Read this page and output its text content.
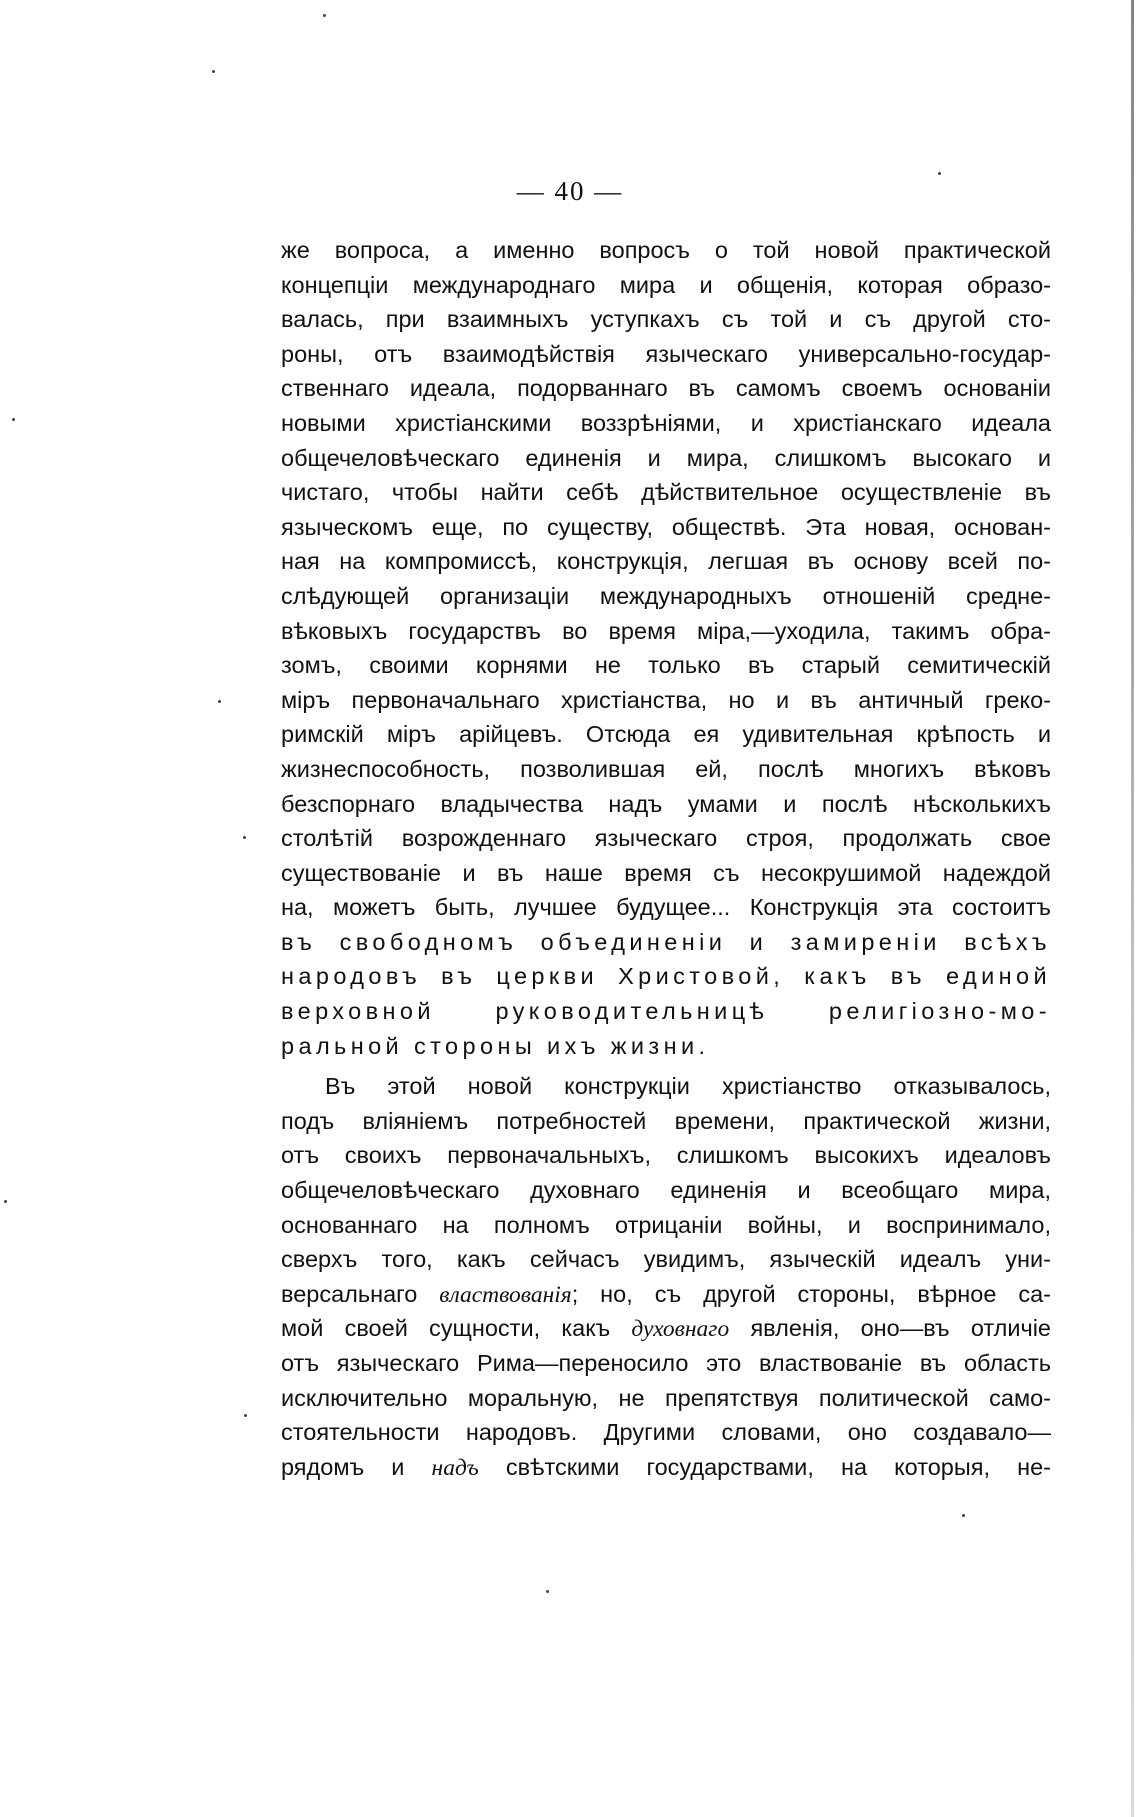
— 40 —
же вопроса, а именно вопросъ о той новой практической
концепціи международнаго мира и общенія, которая образо-
валась, при взаимныхъ уступкахъ съ той и съ другой сто-
роны, отъ взаимодѣйствія языческаго универсально-государ-
ственнаго идеала, подорваннаго въ самомъ своемъ основаніи
новыми христіанскими воззрѣніями, и христіанскаго идеала
общечеловѣческаго единенія и мира, слишкомъ высокаго и
чистаго, чтобы найти себѣ дѣйствительное осуществленіе въ
языческомъ еще, по существу, обществѣ. Эта новая, основан-
ная на компромиссѣ, конструкція, легшая въ основу всей по-
слѣдующей организаціи международныхъ отношеній средне-
вѣковыхъ государствъ во время міра,—уходила, такимъ обра-
зомъ, своими корнями не только въ старый семитическій
міръ первоначальнаго христіанства, но и въ античный греко-
римскій міръ арійцевъ. Отсюда ея удивительная крѣпость и
жизнеспособность, позволившая ей, послѣ многихъ вѣковъ
безспорнаго владычества надъ умами и послѣ нѣсколькихъ
столѣтій возрожденнаго языческаго строя, продолжать свое
существованіе и въ наше время съ несокрушимой надеждой
на, можетъ быть, лучшее будущее... Конструкція эта состоитъ
въ свободномъ объединеніи и замиреніи всѣхъ
народовъ въ церкви Христовой, какъ въ единой
верховной руководительницѣ религіозно-мо-
ральной стороны ихъ жизни.
Въ этой новой конструкціи христіанство отказывалось,
подъ вліяніемъ потребностей времени, практической жизни,
отъ своихъ первоначальныхъ, слишкомъ высокихъ идеаловъ
общечеловѣческаго духовнаго единенія и всеобщаго мира,
основаннаго на полномъ отрицаніи войны, и воспринимало,
сверхъ того, какъ сейчасъ увидимъ, языческій идеалъ уни-
версальнаго властвованія; но, съ другой стороны, вѣрное са-
мой своей сущности, какъ духовнаго явленія, оно—въ отличіе
отъ языческаго Рима—переносило это властвованіе въ область
исключительно моральную, не препятствуя политической само-
стоятельности народовъ. Другими словами, оно создавало—
рядомъ и надъ свѣтскими государствами, на которыя, не-
